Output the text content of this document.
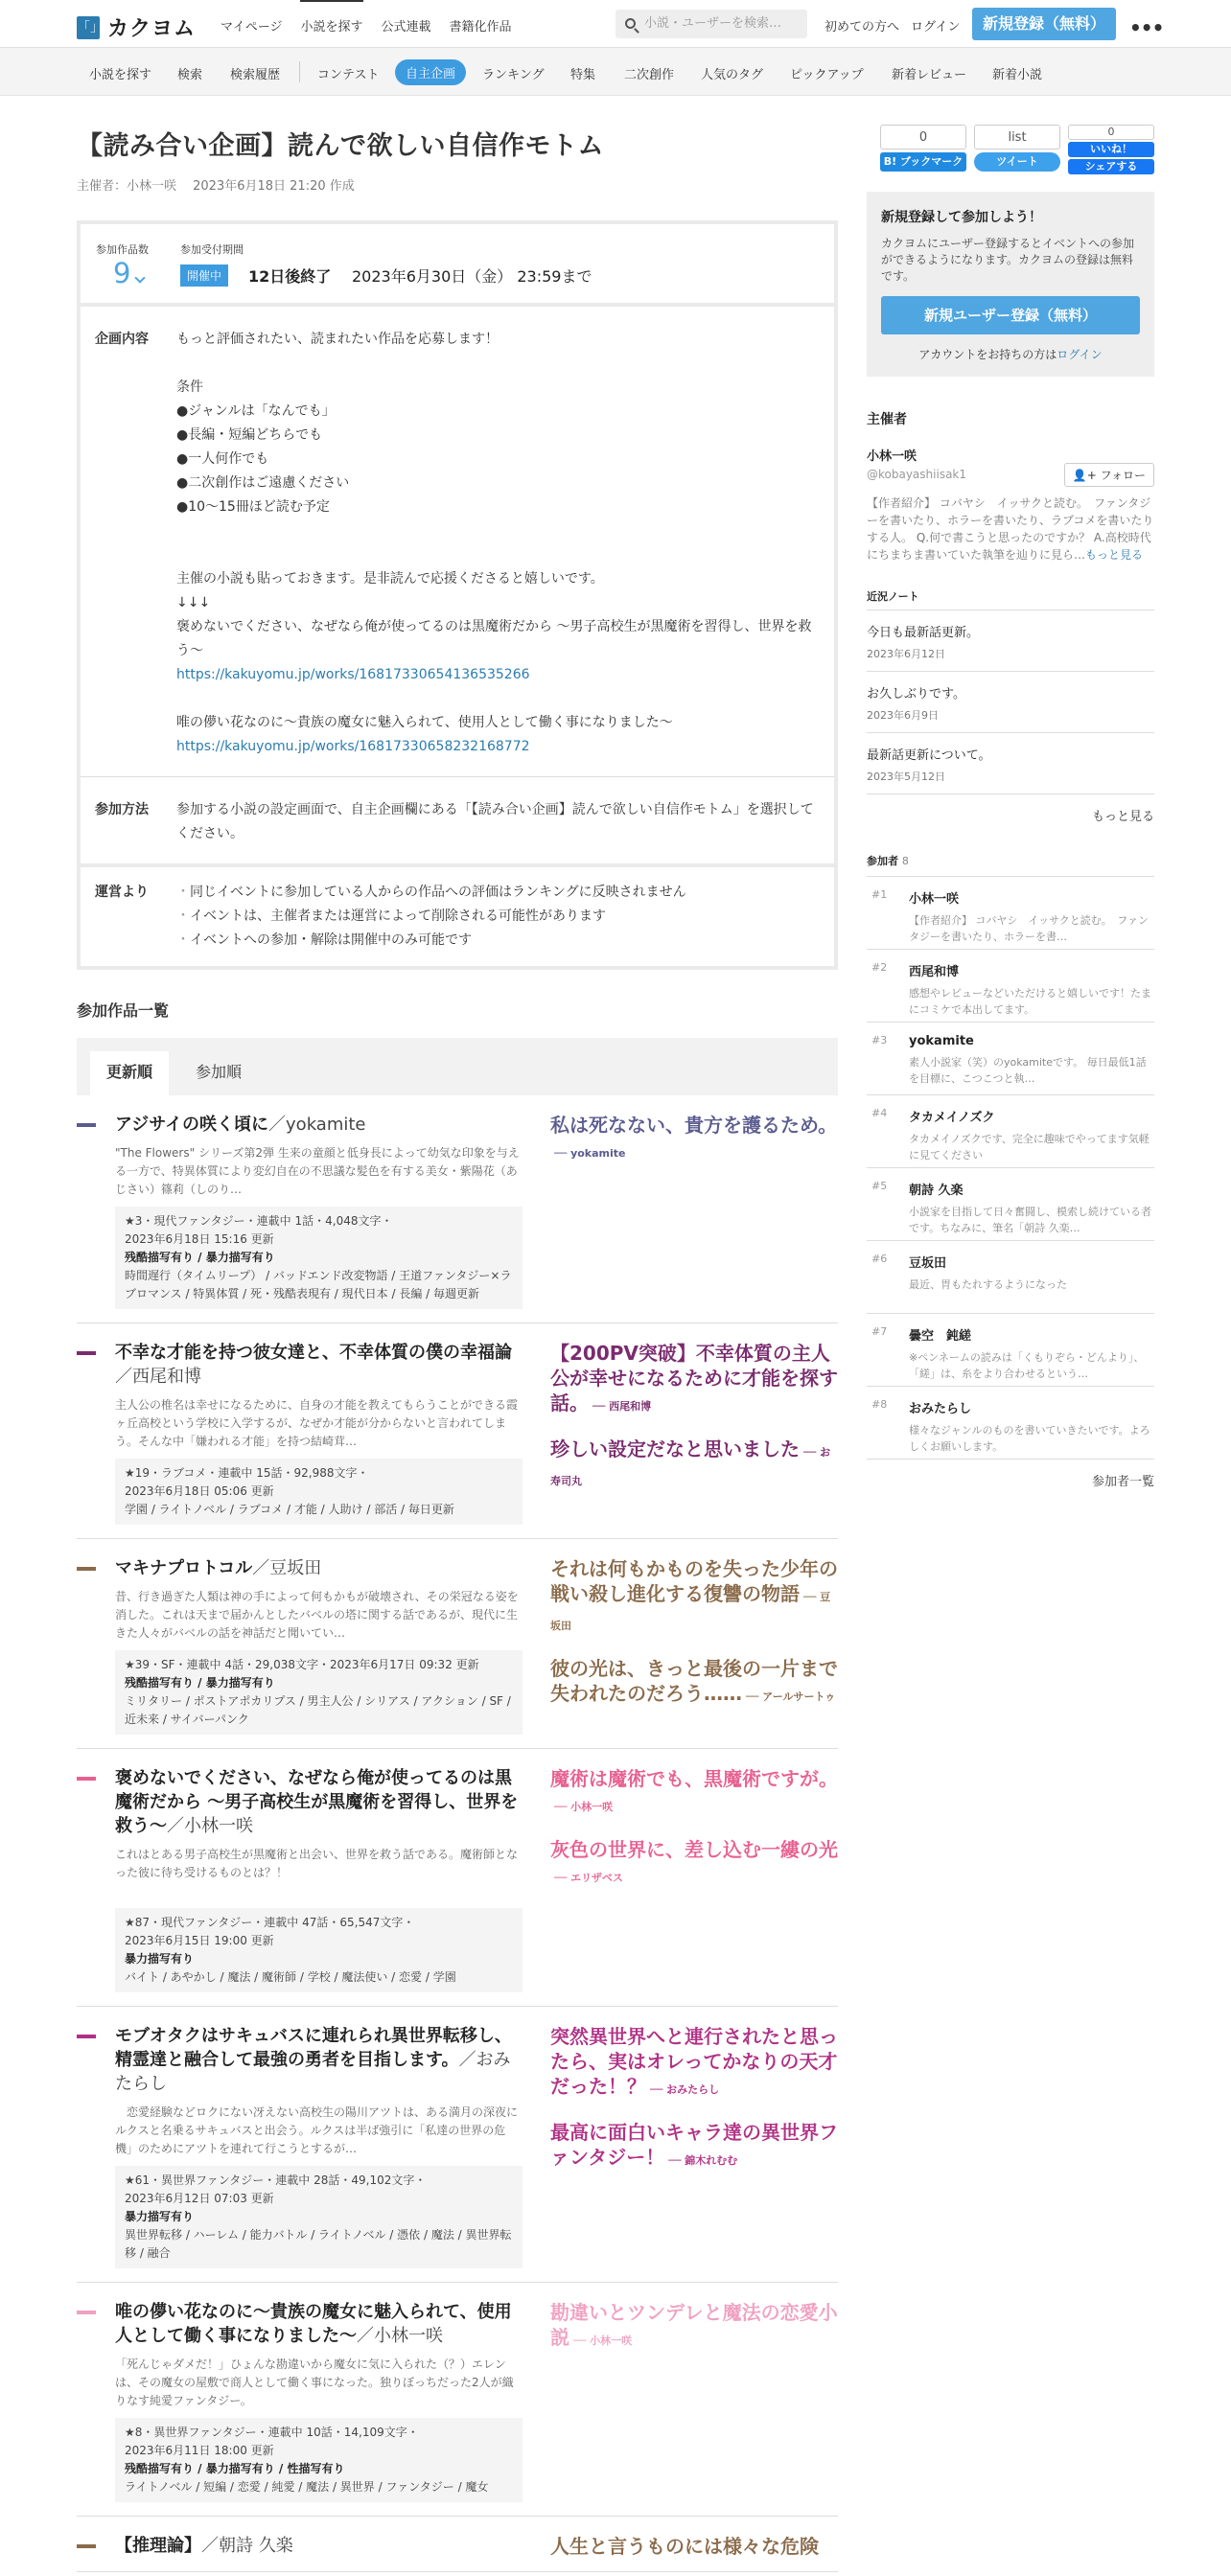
「」 カクヨム マイページ 小説を探す 公式連載 書籍化作品	小説・ユーザーを検索…	初めての方へ ログイン	新規登録（無料）	•••
小説を探す 検索 検索履歴	コンテスト	自主企画	ランキング 特集 二次創作 人気のタグ ピックアップ 新着レビュー 新着小説
【読み合い企画】読んで欲しい自信作モトム
主催者：小林一咲　 2023年6月18日 21:20 作成
参加作品数
9
参加受付期間
開催中	12日後終了 2023年6月30日（金） 23:59まで
企画内容	もっと評価されたい、読まれたい作品を応募します！

条件
●ジャンルは「なんでも」
●長編・短編どちらでも
●一人何作でも
●二次創作はご遠慮ください
●10～15冊ほど読む予定

主催の小説も貼っておきます。是非読んで応援くださると嬉しいです。
↓↓↓
褒めないでください、なぜなら俺が使ってるのは黒魔術だから 〜男子高校生が黒魔術を習得し、世界を救う〜
https://kakuyomu.jp/works/16817330654136535266

唯の儚い花なのに〜貴族の魔女に魅入られて、使用人として働く事になりました〜
https://kakuyomu.jp/works/16817330658232168772
参加方法	参加する小説の設定画面で、自主企画欄にある「【読み合い企画】読んで欲しい自信作モトム」を選択してください。
運営より
・	同じイベントに参加している人からの作品への評価はランキングに反映されません
・ イベントは、主催者または運営によって削除される可能性があります
・ イベントへの参加・解除は開催中のみ可能です
参加作品一覧
更新順	参加順
アジサイの咲く頃に／yokamite
"The Flowers" シリーズ第2弾 生来の童顔と低身長によって幼気な印象を与える一方で、特異体質により変幻自在の不思議な髪色を有する美女・紫陽花（あじさい）篠莉（しのり…
★3・現代ファンタジー・連載中 1話・4,048文字・
2023年6月18日 15:16 更新
残酷描写有り / 暴力描写有り
時間遅行（タイムリープ） / バッドエンド改変物語 / 王道ファンタジー×ラブロマンス / 特異体質 / 死・残酷表現有 / 現代日本 / 長編 / 毎週更新
私は死なない、貴方を護るため。── yokamite
不幸な才能を持つ彼女達と、不幸体質の僕の幸福論／西尾和博
主人公の椎名は幸せになるために、自身の才能を教えてもらうことができる霞ヶ丘高校という学校に入学するが、なぜか才能が分からないと言われてしまう。そんな中「嫌われる才能」を持つ結崎茸…
★19・ラブコメ・連載中 15話・92,988文字・
2023年6月18日 05:06 更新
学園 / ライトノベル / ラブコメ / 才能 / 人助け / 部活 / 毎日更新
【200PV突破】不幸体質の主人公が幸せになるために才能を探す話。 ── 西尾和博
珍しい設定だなと思いました ── お寿司丸
マキナプロトコル／豆坂田
昔、行き過ぎた人類は神の手によって何もかもが破壊され、その栄冠なる姿を消した。これは天まで届かんとしたバベルの塔に関する話であるが、現代に生きた人々がバベルの話を神話だと聞いてい…
★39・SF・連載中 4話・29,038文字・2023年6月17日 09:32 更新
残酷描写有り / 暴力描写有り
ミリタリー / ポストアポカリプス / 男主人公 / シリアス / アクション / SF / 近未来 / サイバーパンク
それは何もかものを失った少年の戦い殺し進化する復讐の物語 ── 豆坂田
彼の光は、きっと最後の一片まで失われたのだろう…… ── アールサートゥ
褒めないでください、なぜなら俺が使ってるのは黒魔術だから 〜男子高校生が黒魔術を習得し、世界を救う〜／小林一咲
これはとある男子高校生が黒魔術と出会い、世界を救う話である。魔術師となった彼に待ち受けるものとは？！
★87・現代ファンタジー・連載中 47話・65,547文字・
2023年6月15日 19:00 更新
暴力描写有り
バイト / あやかし / 魔法 / 魔術師 / 学校 / 魔法使い / 恋愛 / 学園
魔術は魔術でも、黒魔術ですが。── 小林一咲
灰色の世界に、差し込む一縷の光── エリザベス
モブオタクはサキュバスに連れられ異世界転移し、精霊達と融合して最強の勇者を目指します。／おみたらし
　恋愛経験などロクにない冴えない高校生の陽川アツトは、ある満月の深夜にルクスと名乗るサキュバスと出会う。ルクスは半ば強引に「私達の世界の危機」のためにアツトを連れて行こうとするが…
★61・異世界ファンタジー・連載中 28話・49,102文字・
2023年6月12日 07:03 更新
暴力描写有り
異世界転移 / ハーレム / 能力バトル / ライトノベル / 憑依 / 魔法 / 異世界転移 / 融合
突然異世界へと連行されたと思ったら、実はオレってかなりの天才だった！？ ── おみたらし
最高に面白いキャラ達の異世界ファンタジー！ ── 錦木れむむ
唯の儚い花なのに〜貴族の魔女に魅入られて、使用人として働く事になりました〜／小林一咲
「死んじゃダメだ！」ひょんな勘違いから魔女に気に入られた（？）エレンは、その魔女の屋敷で商人として働く事になった。独りぼっちだった2人が織りなす純愛ファンタジー。
★8・異世界ファンタジー・連載中 10話・14,109文字・
2023年6月11日 18:00 更新
残酷描写有り / 暴力描写有り / 性描写有り
ライトノベル / 短編 / 恋愛 / 純愛 / 魔法 / 異世界 / ファンタジー / 魔女
勘違いとツンデレと魔法の恋愛小説 ── 小林一咲
【推理論】／朝詩 久楽	人生と言うものには様々な危険
0
B! ブックマーク
list
ツイート
0
いいね！
シェアする
新規登録して参加しよう！

カクヨムにユーザー登録するとイベントへの参加ができるようになります。カクヨムの登録は無料です。

新規ユーザー登録（無料）
アカウントをお持ちの方はログイン
主催者
小林一咲
@kobayashiisak1	👤+ フォロー
【作者紹介】 コバヤシ　イッサクと読む。　ファンタジーを書いたり、ホラーを書いたり、ラブコメを書いたりする人。 Q.何で書こうと思ったのですか？ A.高校時代にちまちま書いていた執筆を辿りに見ら…もっと見る
近況ノート
今日も最新話更新。
2023年6月12日
お久しぶりです。
2023年6月9日
最新話更新について。
2023年5月12日
もっと見る
参加者 8
#1 小林一咲
【作者紹介】 コバヤシ　イッサクと読む。　ファンタジーを書いたり、ホラーを書…
#2 西尾和博
感想やレビューなどいただけると嬉しいです！たまにコミケで本出してます。
#3 yokamite
素人小説家（笑）のyokamiteです。 毎日最低1話を目標に、こつこつと執…
#4 タカメイノズク
タカメイノズクです、完全に趣味でやってます気軽に見てください
#5 朝詩 久楽
小説家を目指して日々奮闘し、模索し続けている者です。ちなみに、筆名「朝詩 久楽…
#6 豆坂田
最近、胃もたれするようになった
#7 曇空　鈍縒
※ペンネームの読みは「くもりぞら・どんより」、「縒」は、糸をより合わせるという…
#8 おみたらし
様々なジャンルのものを書いていきたいです。よろしくお願いします。
参加者一覧
